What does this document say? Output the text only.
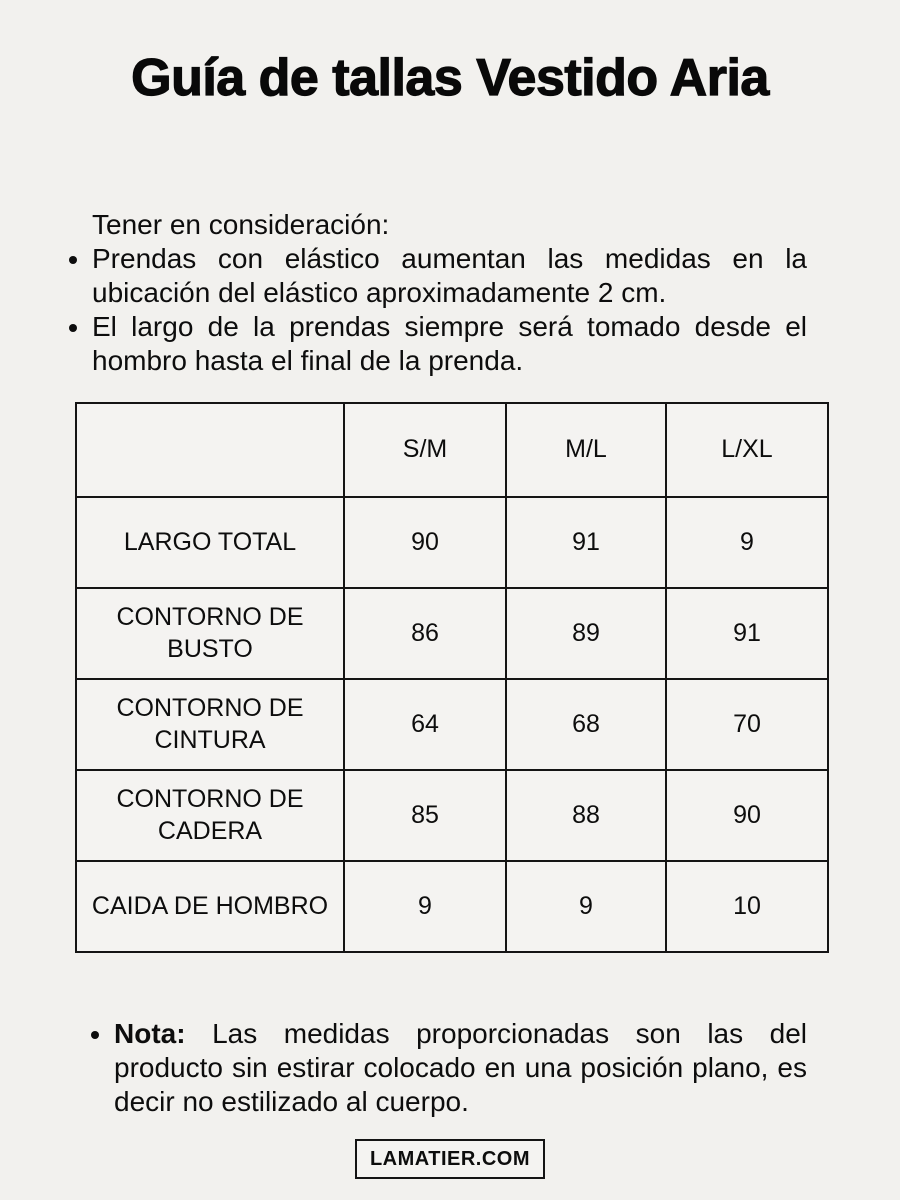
Guía de tallas Vestido Aria

Tener en consideración:

• Prendas con elástico aumentan las medidas en la ubicación del elástico aproximadamente 2 cm.
• El largo de la prendas siempre será tomado desde el hombro hasta el final de la prenda.
	S/M	M/L	L/XL
LARGO TOTAL	90	91	9
CONTORNO DE BUSTO	86	89	91
CONTORNO DE CINTURA	64	68	70
CONTORNO DE CADERA	85	88	90
CAIDA DE HOMBRO	9	9	10
• Nota: Las medidas proporcionadas son las del producto sin estirar colocado en una posición plano, es decir no estilizado al cuerpo.
LAMATIER.COM
